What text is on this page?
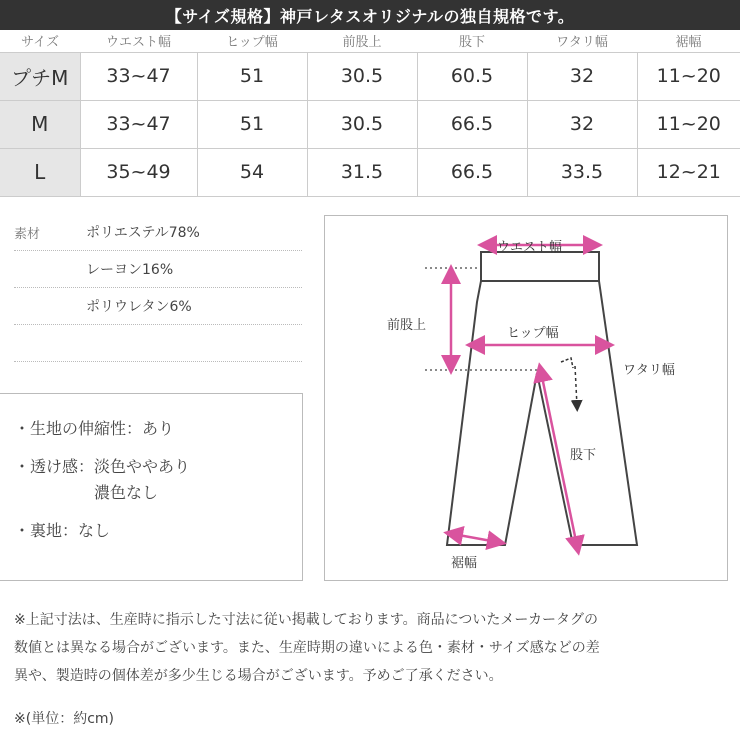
【サイズ規格】神戸レタスオリジナルの独自規格です。
サイズ	ウエスト幅	ヒップ幅	前股上	股下	ワタリ幅	裾幅
プチM	33~47	51	30.5	60.5	32	11~20
M	33~47	51	30.5	66.5	32	11~20
L	35~49	54	31.5	66.5	33.5	12~21
素材	ポリエステル78%
レーヨン16%
ポリウレタン6%
・生地の伸縮性： あり
・透け感： 淡色ややあり
濃色なし
・裏地： なし
ウエスト幅
前股上
ヒップ幅
ワタリ幅
股下
裾幅
※上記寸法は、生産時に指示した寸法に従い掲載しております。商品についたメーカータグの
数値とは異なる場合がございます。また、生産時期の違いによる色・素材・サイズ感などの差
異や、製造時の個体差が多少生じる場合がございます。予めご了承ください。
※(単位：約cm)
